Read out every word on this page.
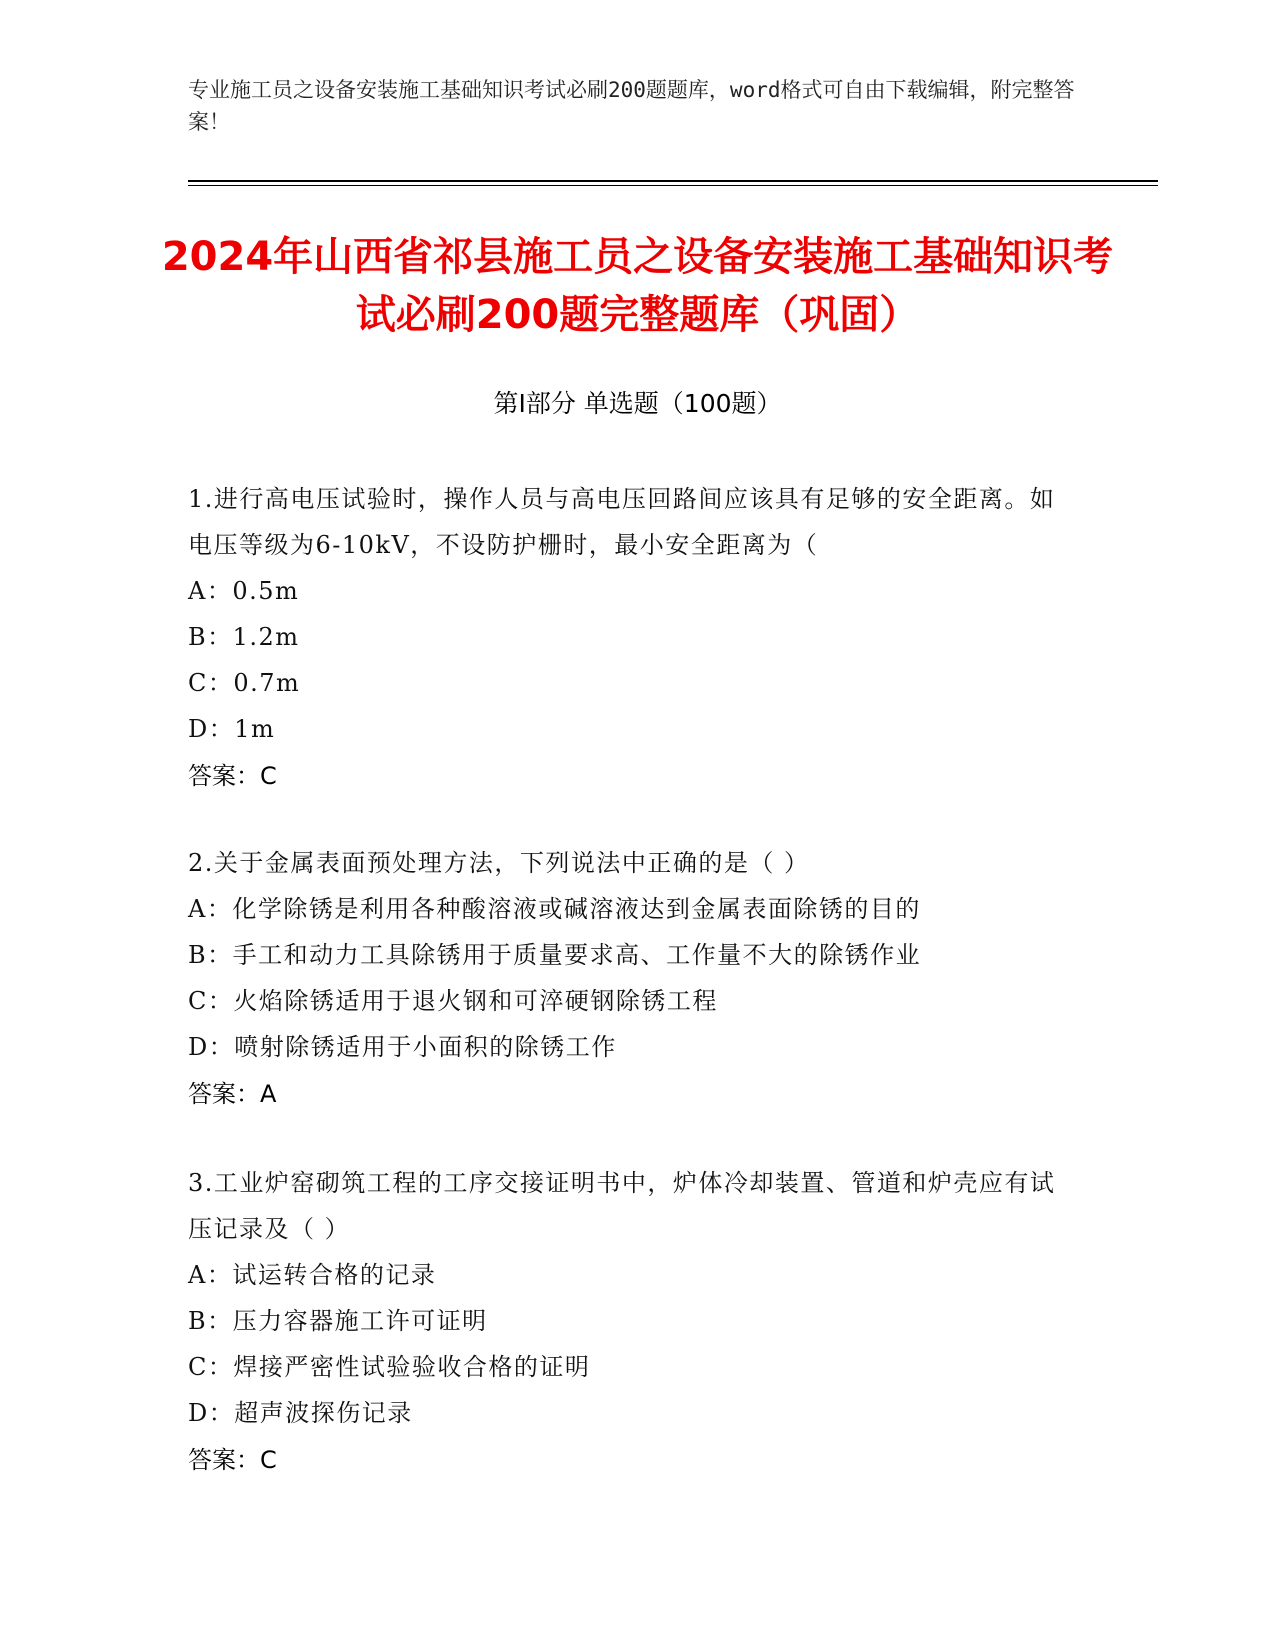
专业施工员之设备安装施工基础知识考试必刷200题题库，word格式可自由下载编辑，附完整答案！
2024年山西省祁县施工员之设备安装施工基础知识考试必刷200题完整题库（巩固）
第I部分 单选题（100题）
1.进行高电压试验时，操作人员与高电压回路间应该具有足够的安全距离。如电压等级为6-10kV，不设防护栅时，最小安全距离为（
A：0.5m
B：1.2m
C：0.7m
D：1m
答案：C
2.关于金属表面预处理方法，下列说法中正确的是（ ）
A：化学除锈是利用各种酸溶液或碱溶液达到金属表面除锈的目的
B：手工和动力工具除锈用于质量要求高、工作量不大的除锈作业
C：火焰除锈适用于退火钢和可淬硬钢除锈工程
D：喷射除锈适用于小面积的除锈工作
答案：A
3.工业炉窑砌筑工程的工序交接证明书中，炉体冷却装置、管道和炉壳应有试压记录及（ ）
A：试运转合格的记录
B：压力容器施工许可证明
C：焊接严密性试验验收合格的证明
D：超声波探伤记录
答案：C
